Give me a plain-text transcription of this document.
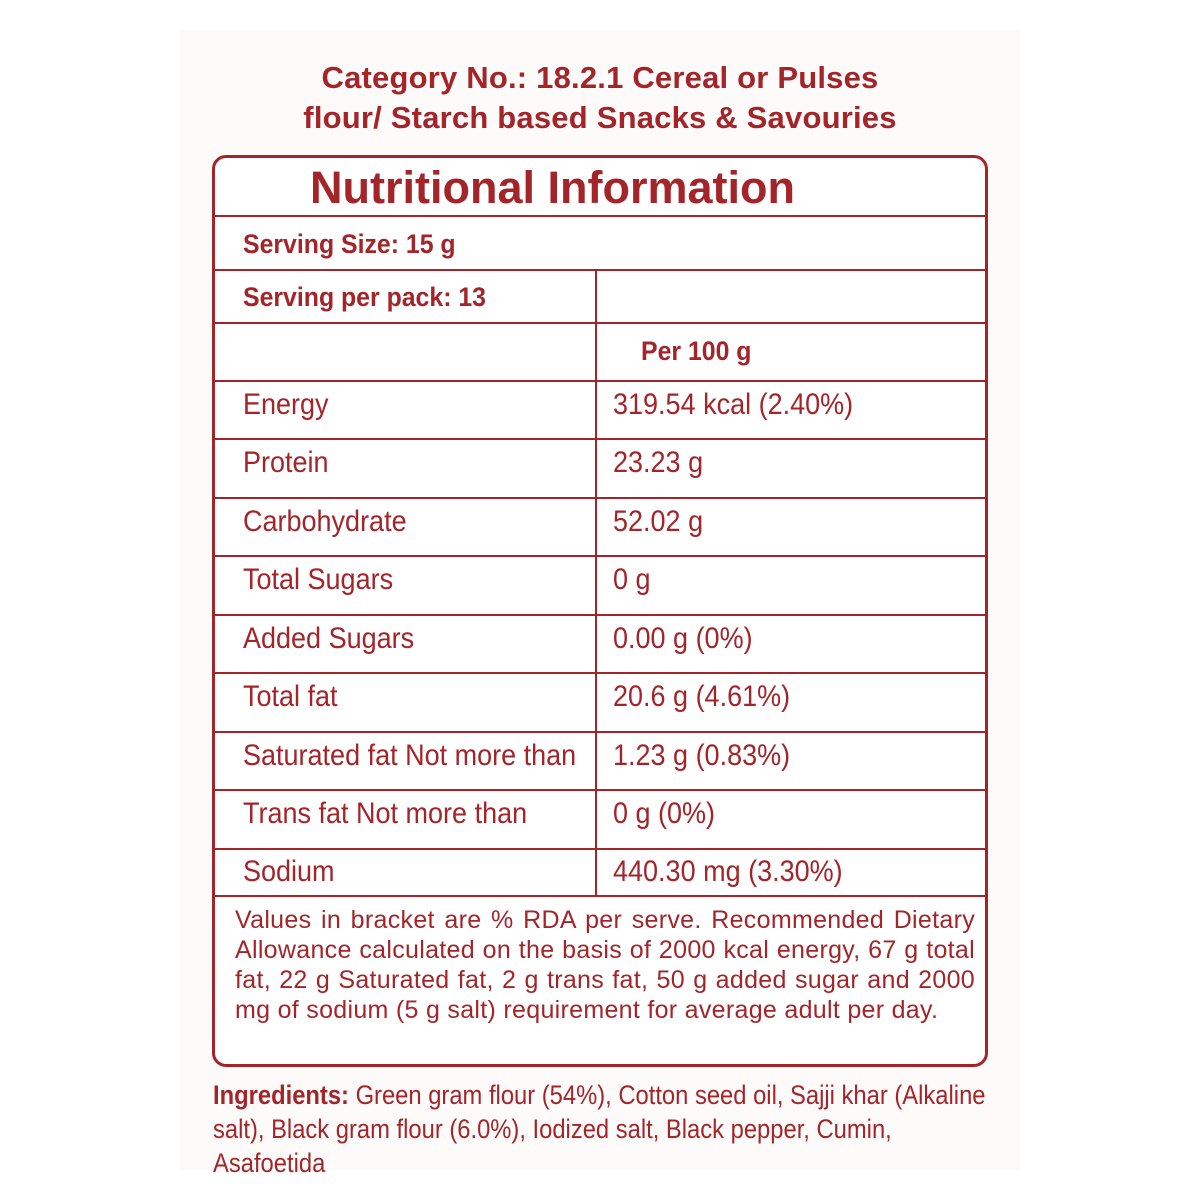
Category No.: 18.2.1 Cereal or Pulses
flour/ Starch based Snacks & Savouries
Nutritional Information
Serving Size: 15 g
Serving per pack: 13
Per 100 g
Energy	319.54 kcal (2.40%)
Protein	23.23 g
Carbohydrate	52.02 g
Total Sugars	0 g
Added Sugars	0.00 g (0%)
Total fat	20.6 g (4.61%)
Saturated fat Not more than 1.23 g (0.83%)
Trans fat Not more than	0 g (0%)
Sodium	440.30 mg (3.30%)
Values in bracket are % RDA per serve. Recommended Dietary Allowance calculated on the basis of 2000 kcal energy, 67 g total fat, 22 g Saturated fat, 2 g trans fat, 50 g added sugar and 2000 mg of sodium (5 g salt) requirement for average adult per day.
Ingredients: Green gram flour (54%), Cotton seed oil, Sajji khar (Alkaline salt), Black gram flour (6.0%), Iodized salt, Black pepper, Cumin, Asafoetida
